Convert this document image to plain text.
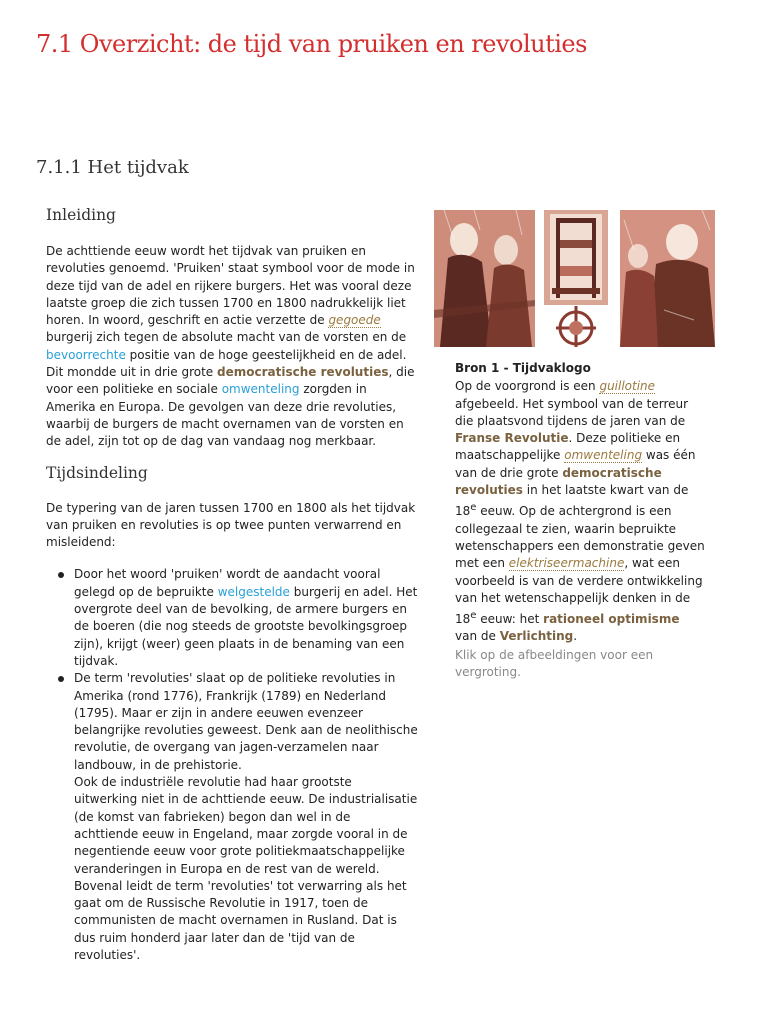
7.1 Overzicht: de tijd van pruiken en revoluties
7.1.1 Het tijdvak
Inleiding

De achttiende eeuw wordt het tijdvak van pruiken en revoluties genoemd. 'Pruiken' staat symbool voor de mode in deze tijd van de adel en rijkere burgers. Het was vooral deze laatste groep die zich tussen 1700 en 1800 nadrukkelijk liet horen. In woord, geschrift en actie verzette de gegoede burgerij zich tegen de absolute macht van de vorsten en de bevoorrechte positie van de hoge geestelijkheid en de adel.

Dit mondde uit in drie grote democratische revoluties, die voor een politieke en sociale omwenteling zorgden in Amerika en Europa. De gevolgen van deze drie revoluties, waarbij de burgers de macht overnamen van de vorsten en de adel, zijn tot op de dag van vandaag nog merkbaar.

Tijdsindeling

De typering van de jaren tussen 1700 en 1800 als het tijdvak van pruiken en revoluties is op twee punten verwarrend en misleidend:

Door het woord 'pruiken' wordt de aandacht vooral gelegd op de bepruikte welgestelde burgerij en adel. Het overgrote deel van de bevolking, de armere burgers en de boeren (die nog steeds de grootste bevolkingsgroep zijn), krijgt (weer) geen plaats in de benaming van een tijdvak.
De term 'revoluties' slaat op de politieke revoluties in Amerika (rond 1776), Frankrijk (1789) en Nederland (1795). Maar er zijn in andere eeuwen evenzeer belangrijke revoluties geweest. Denk aan de neolithische revolutie, de overgang van jagen-verzamelen naar landbouw, in de prehistorie.
Ook de industriële revolutie had haar grootste uitwerking niet in de achttiende eeuw. De industrialisatie (de komst van fabrieken) begon dan wel in de achttiende eeuw in Engeland, maar zorgde vooral in de negentiende eeuw voor grote politiekmaatschappelijke veranderingen in Europa en de rest van de wereld. Bovenal leidt de term 'revoluties' tot verwarring als het gaat om de Russische Revolutie in 1917, toen de communisten de macht overnamen in Rusland. Dat is dus ruim honderd jaar later dan de 'tijd van de revoluties'.

Bron 1 - Tijdvaklogo

Op de voorgrond is een guillotine afgebeeld. Het symbool van de terreur die plaatsvond tijdens de jaren van de Franse Revolutie. Deze politieke en maatschappelijke omwenteling was één van de drie grote democratische revoluties in het laatste kwart van de 18e eeuw. Op de achtergrond is een collegezaal te zien, waarin bepruikte wetenschappers een demonstratie geven met een elektriseermachine, wat een voorbeeld is van de verdere ontwikkeling van het wetenschappelijk denken in de 18e eeuw: het rationeel optimisme van de Verlichting.

Klik op de afbeeldingen voor een vergroting.
